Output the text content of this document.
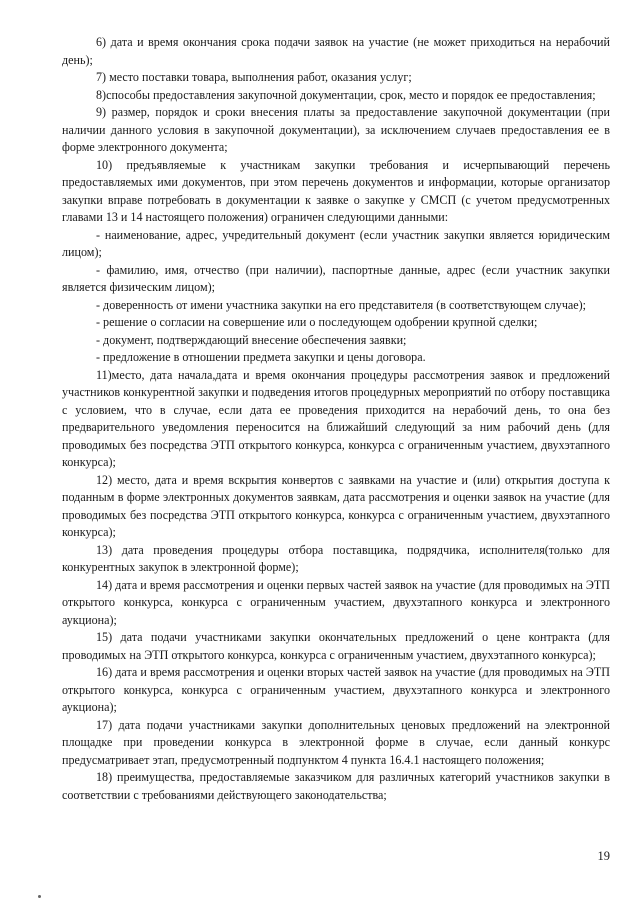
6) дата и время окончания срока подачи заявок на участие (не может приходиться на нерабочий день);

7) место поставки товара, выполнения работ, оказания услуг;

8)способы предоставления закупочной документации, срок, место и порядок ее предоставления;

9) размер, порядок и сроки внесения платы за предоставление закупочной документации (при наличии данного условия в закупочной документации), за исключением случаев предоставления ее в форме электронного документа;

10) предъявляемые к участникам закупки требования и исчерпывающий перечень предоставляемых ими документов, при этом перечень документов и информации, которые организатор закупки вправе потребовать в документации к заявке о закупке у СМСП (с учетом предусмотренных главами 13 и 14 настоящего положения) ограничен следующими данными:

- наименование, адрес, учредительный документ (если участник закупки является юридическим лицом);

- фамилию, имя, отчество (при наличии), паспортные данные, адрес (если участник закупки является физическим лицом);

- доверенность от имени участника закупки на его представителя (в соответствующем случае);

- решение о согласии на совершение или о последующем одобрении крупной сделки;

- документ, подтверждающий внесение обеспечения заявки;

- предложение в отношении предмета закупки и цены договора.

11)место, дата начала,дата и время окончания процедуры рассмотрения заявок и предложений участников конкурентной закупки и подведения итогов процедурных мероприятий по отбору поставщика с условием, что в случае, если дата ее проведения приходится на нерабочий день, то она без предварительного уведомления переносится на ближайший следующий за ним рабочий день (для проводимых без посредства ЭТП открытого конкурса, конкурса с ограниченным участием, двухэтапного конкурса);

12) место, дата и время вскрытия конвертов с заявками на участие и (или) открытия доступа к поданным в форме электронных документов заявкам, дата рассмотрения и оценки заявок на участие (для проводимых без посредства ЭТП открытого конкурса, конкурса с ограниченным участием, двухэтапного конкурса);

13) дата проведения процедуры отбора поставщика, подрядчика, исполнителя(только для конкурентных закупок в электронной форме);

14) дата и время рассмотрения и оценки первых частей заявок на участие (для проводимых на ЭТП открытого конкурса, конкурса с ограниченным участием, двухэтапного конкурса и электронного аукциона);

15) дата подачи участниками закупки окончательных предложений о цене контракта (для проводимых на ЭТП открытого конкурса, конкурса с ограниченным участием, двухэтапного конкурса);

16) дата и время рассмотрения и оценки вторых частей заявок на участие (для проводимых на ЭТП открытого конкурса, конкурса с ограниченным участием, двухэтапного конкурса и электронного аукциона);

17) дата подачи участниками закупки дополнительных ценовых предложений на электронной площадке при проведении конкурса в электронной форме в случае, если данный конкурс предусматривает этап, предусмотренный подпунктом 4 пункта 16.4.1 настоящего положения;

18) преимущества, предоставляемые заказчиком для различных категорий участников закупки в соответствии с требованиями действующего законодательства;

19
